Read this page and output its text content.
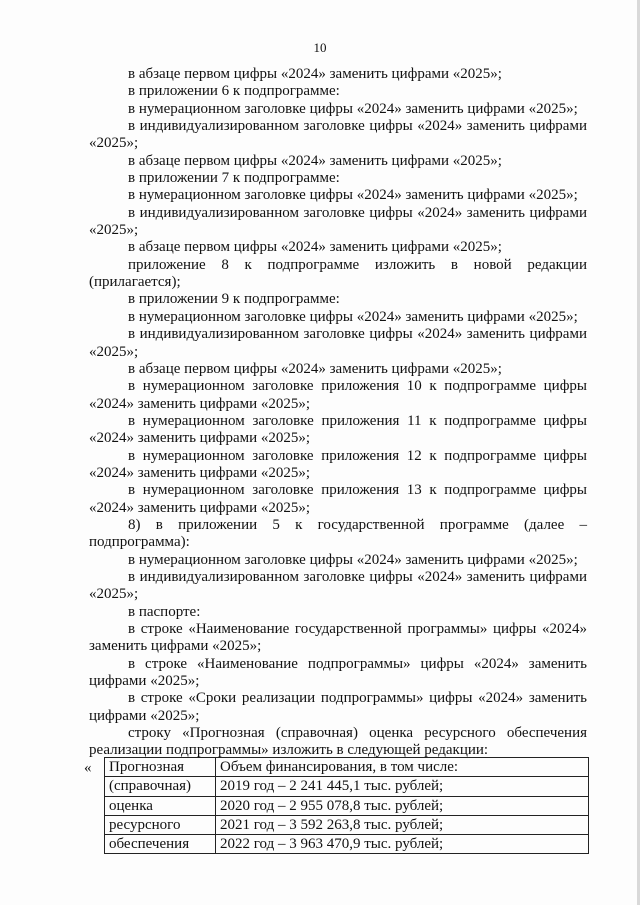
10
в абзаце первом цифры «2024» заменить цифрами «2025»;
в приложении 6 к подпрограмме:
в нумерационном заголовке цифры «2024» заменить цифрами «2025»;
в индивидуализированном заголовке цифры «2024» заменить цифрами «2025»;
в абзаце первом цифры «2024» заменить цифрами «2025»;
в приложении 7 к подпрограмме:
в нумерационном заголовке цифры «2024» заменить цифрами «2025»;
в индивидуализированном заголовке цифры «2024» заменить цифрами «2025»;
в абзаце первом цифры «2024» заменить цифрами «2025»;
приложение 8 к подпрограмме изложить в новой редакции (прилагается);
в приложении 9 к подпрограмме:
в нумерационном заголовке цифры «2024» заменить цифрами «2025»;
в индивидуализированном заголовке цифры «2024» заменить цифрами «2025»;
в абзаце первом цифры «2024» заменить цифрами «2025»;
в нумерационном заголовке приложения 10 к подпрограмме цифры «2024» заменить цифрами «2025»;
в нумерационном заголовке приложения 11 к подпрограмме цифры «2024» заменить цифрами «2025»;
в нумерационном заголовке приложения 12 к подпрограмме цифры «2024» заменить цифрами «2025»;
в нумерационном заголовке приложения 13 к подпрограмме цифры «2024» заменить цифрами «2025»;
8) в приложении 5 к государственной программе (далее – подпрограмма):
в нумерационном заголовке цифры «2024» заменить цифрами «2025»;
в индивидуализированном заголовке цифры «2024» заменить цифрами «2025»;
в паспорте:
в строке «Наименование государственной программы» цифры «2024» заменить цифрами «2025»;
в строке «Наименование подпрограммы» цифры «2024» заменить цифрами «2025»;
в строке «Сроки реализации подпрограммы» цифры «2024» заменить цифрами «2025»;
строку «Прогнозная (справочная) оценка ресурсного обеспечения реализации подпрограммы» изложить в следующей редакции:
« Прогнозная	Объем финансирования, в том числе:
(справочная)	2019 год – 2 241 445,1 тыс. рублей;
оценка	2020 год – 2 955 078,8 тыс. рублей;
ресурсного	2021 год – 3 592 263,8 тыс. рублей;
обеспечения	2022 год – 3 963 470,9 тыс. рублей;
